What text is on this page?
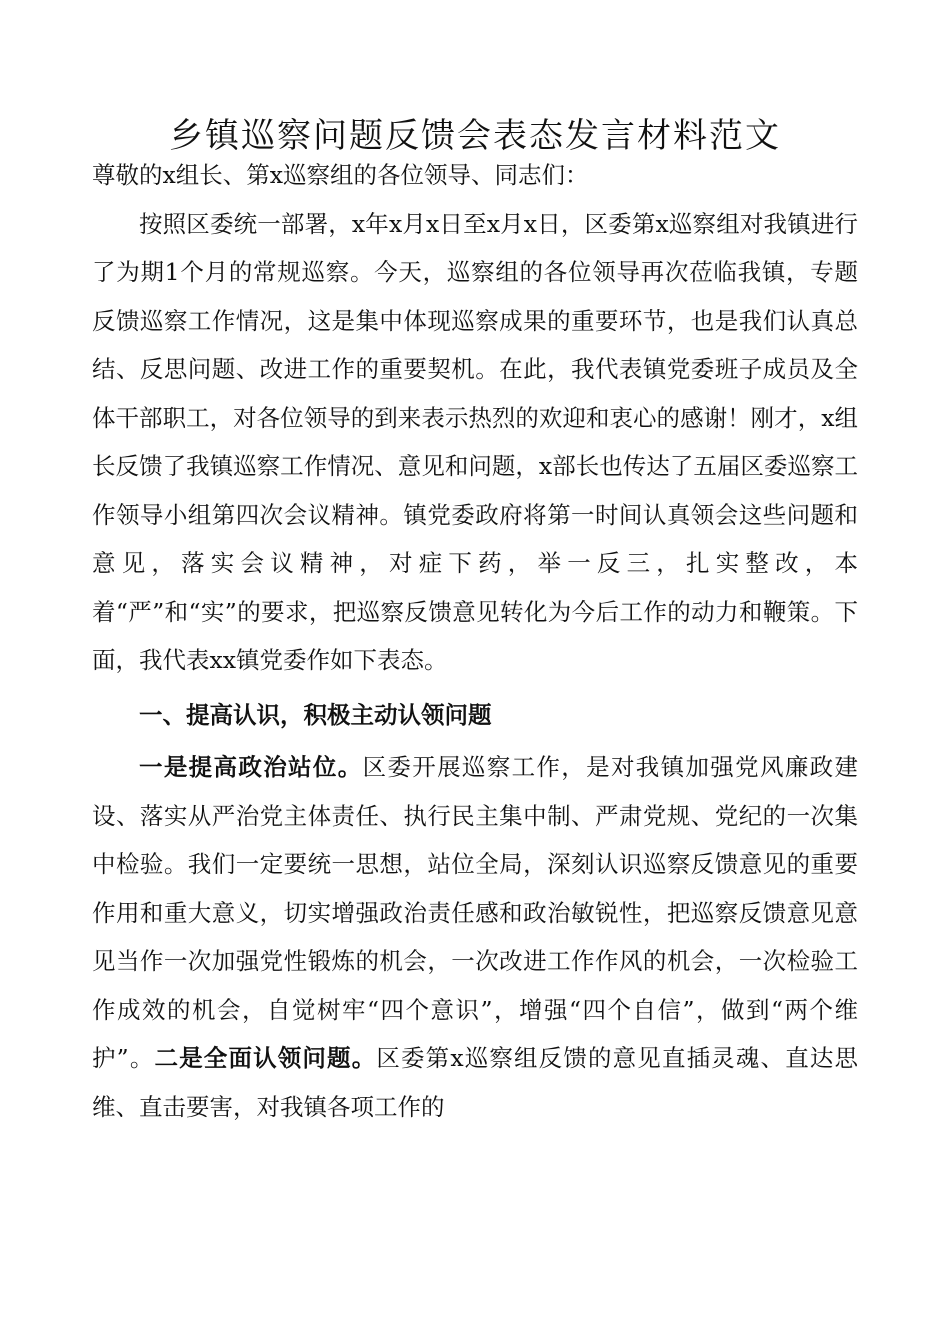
乡镇巡察问题反馈会表态发言材料范文

尊敬的x组长、第x巡察组的各位领导、同志们：

按照区委统一部署，x年x月x日至x月x日，区委第x巡察组对我镇进行了为期1个月的常规巡察。今天，巡察组的各位领导再次莅临我镇，专题反馈巡察工作情况，这是集中体现巡察成果的重要环节，也是我们认真总结、反思问题、改进工作的重要契机。在此，我代表镇党委班子成员及全体干部职工，对各位领导的到来表示热烈的欢迎和衷心的感谢！刚才，x组长反馈了我镇巡察工作情况、意见和问题，x部长也传达了五届区委巡察工作领导小组第四次会议精神。镇党委政府将第一时间认真领会这些问题和意见，落实会议精神，对症下药，举一反三，扎实整改，本着“严”和“实”的要求，把巡察反馈意见转化为今后工作的动力和鞭策。下面，我代表xx镇党委作如下表态。

一、提高认识，积极主动认领问题

一是提高政治站位。区委开展巡察工作，是对我镇加强党风廉政建设、落实从严治党主体责任、执行民主集中制、严肃党规、党纪的一次集中检验。我们一定要统一思想，站位全局，深刻认识巡察反馈意见的重要作用和重大意义，切实增强政治责任感和政治敏锐性，把巡察反馈意见意见当作一次加强党性锻炼的机会，一次改进工作作风的机会，一次检验工作成效的机会，自觉树牢“四个意识”，增强“四个自信”，做到“两个维护”。二是全面认领问题。区委第x巡察组反馈的意见直插灵魂、直达思维、直击要害，对我镇各项工作的
